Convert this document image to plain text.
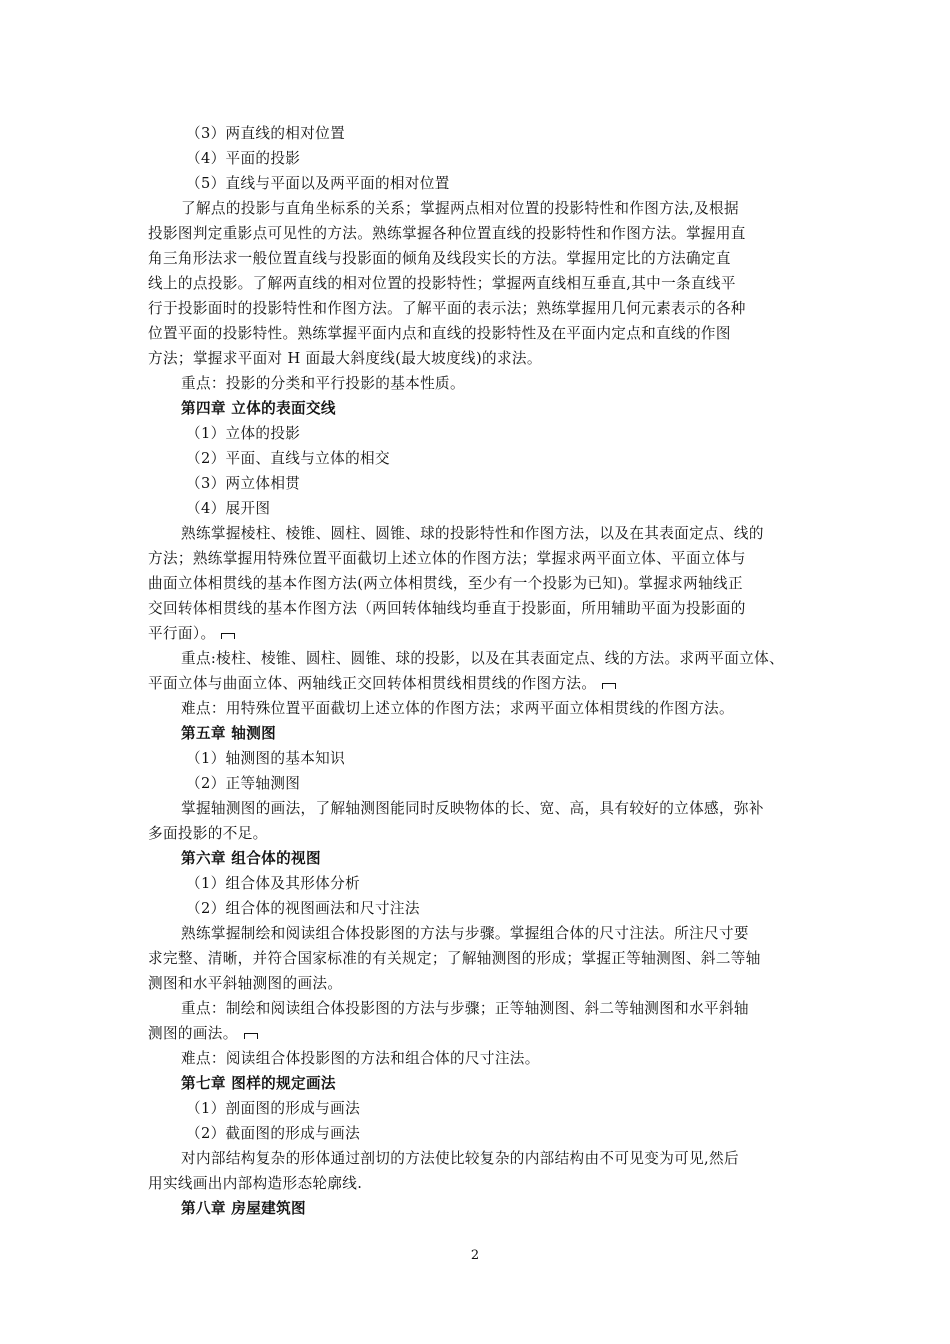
（3）两直线的相对位置
（4）平面的投影
（5）直线与平面以及两平面的相对位置
了解点的投影与直角坐标系的关系；掌握两点相对位置的投影特性和作图方法,及根据
投影图判定重影点可见性的方法。熟练掌握各种位置直线的投影特性和作图方法。掌握用直
角三角形法求一般位置直线与投影面的倾角及线段实长的方法。掌握用定比的方法确定直
线上的点投影。了解两直线的相对位置的投影特性；掌握两直线相互垂直,其中一条直线平
行于投影面时的投影特性和作图方法。了解平面的表示法；熟练掌握用几何元素表示的各种
位置平面的投影特性。熟练掌握平面内点和直线的投影特性及在平面内定点和直线的作图
方法；掌握求平面对 H 面最大斜度线(最大坡度线)的求法。
重点：投影的分类和平行投影的基本性质。
第四章 立体的表面交线
（1）立体的投影
（2）平面、直线与立体的相交
（3）两立体相贯
（4）展开图
熟练掌握棱柱、棱锥、圆柱、圆锥、球的投影特性和作图方法，以及在其表面定点、线的
方法；熟练掌握用特殊位置平面截切上述立体的作图方法；掌握求两平面立体、平面立体与
曲面立体相贯线的基本作图方法(两立体相贯线，至少有一个投影为已知)。掌握求两轴线正
交回转体相贯线的基本作图方法（两回转体轴线均垂直于投影面，所用辅助平面为投影面的
平行面）。
重点:棱柱、棱锥、圆柱、圆锥、球的投影，以及在其表面定点、线的方法。求两平面立体、
平面立体与曲面立体、两轴线正交回转体相贯线相贯线的作图方法。
难点：用特殊位置平面截切上述立体的作图方法；求两平面立体相贯线的作图方法。
第五章 轴测图
（1）轴测图的基本知识
（2）正等轴测图
掌握轴测图的画法，了解轴测图能同时反映物体的长、宽、高，具有较好的立体感，弥补
多面投影的不足。
第六章 组合体的视图
（1）组合体及其形体分析
（2）组合体的视图画法和尺寸注法
熟练掌握制绘和阅读组合体投影图的方法与步骤。掌握组合体的尺寸注法。所注尺寸要
求完整、清晰，并符合国家标准的有关规定；了解轴测图的形成；掌握正等轴测图、斜二等轴
测图和水平斜轴测图的画法。
重点：制绘和阅读组合体投影图的方法与步骤；正等轴测图、斜二等轴测图和水平斜轴
测图的画法。
难点：阅读组合体投影图的方法和组合体的尺寸注法。
第七章 图样的规定画法
（1）剖面图的形成与画法
（2）截面图的形成与画法
对内部结构复杂的形体通过剖切的方法使比较复杂的内部结构由不可见变为可见,然后
用实线画出内部构造形态轮廓线.
第八章 房屋建筑图
2
